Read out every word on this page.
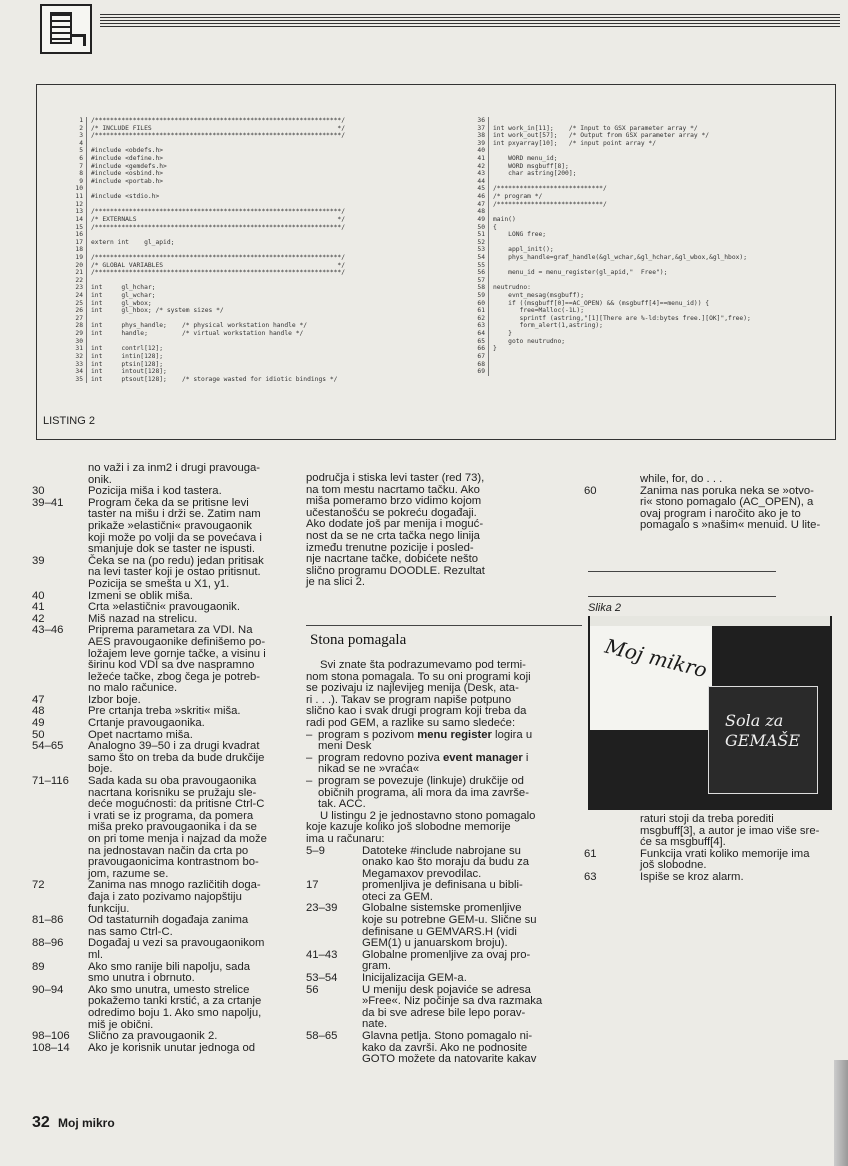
1	/*****************************************************************/
2	/* INCLUDE FILES                                                 */
3	/*****************************************************************/
4
5	#include <obdefs.h>
6	#include <define.h>
7	#include <gemdefs.h>
8	#include <osbind.h>
9	#include <portab.h>
10
11	#include <stdio.h>
12
13	/*****************************************************************/
14	/* EXTERNALS                                                     */
15	/*****************************************************************/
16
17	extern int    gl_apid;
18
19	/*****************************************************************/
20	/* GLOBAL VARIABLES                                              */
21	/*****************************************************************/
22
23	int     gl_hchar;
24	int     gl_wchar;
25	int     gl_wbox;
26	int     gl_hbox; /* system sizes */
27
28	int     phys_handle;    /* physical workstation handle */
29	int     handle;         /* virtual workstation handle */
30
31	int     contrl[12];
32	int     intin[128];
33	int     ptsin[128];
34	int     intout[128];
35	int     ptsout[128];    /* storage wasted for idiotic bindings */
36
37	int work_in[11];    /* Input to GSX parameter array */
38	int work_out[57];   /* Output from GSX parameter array */
39	int pxyarray[10];   /* input point array */
40
41	WORD menu_id;
42	WORD msgbuff[8];
43	char astring[200];
44
45	/****************************/
46	/* program */
47	/****************************/
48
49	main()
50	{
51	LONG free;
52
53	appl_init();
54	phys_handle=graf_handle(&gl_wchar,&gl_hchar,&gl_wbox,&gl_hbox);
55
56	menu_id = menu_register(gl_apid,"  Free");
57
58	neutrudno:
59	evnt_mesag(msgbuff);
60	if ((msgbuff[0]==AC_OPEN) && (msgbuff[4]==menu_id)) {
61	free=Malloc(-1L);
62	sprintf (astring,"[1][There are %-ld:bytes free.][OK]",free);
63	form_alert(1,astring);
64	}
65	goto neutrudno;
66	}
67
68
69
LISTING 2
no važi i za inm2 i drugi pravouga-
onik.
30	Pozicija miša i kod tastera.
39–41	Program čeka da se pritisne levi
taster na mišu i drži se. Zatim nam
prikaže »elastični« pravougaonik
koji može po volji da se povećava i
smanjuje dok se taster ne ispusti.
39	Čeka se na (po redu) jedan pritisak
na levi taster koji je ostao pritisnut.
Pozicija se smešta u X1, y1.
40	Izmeni se oblik miša.
41	Crta »elastični« pravougaonik.
42	Miš nazad na strelicu.
43–46	Priprema parametara za VDI. Na
AES pravougaonike definišemo po-
ložajem leve gornje tačke, a visinu i
širinu kod VDI sa dve naspramno
ležeće tačke, zbog čega je potreb-
no malo računice.
47	Izbor boje.
48	Pre crtanja treba »skriti« miša.
49	Crtanje pravougaonika.
50	Opet nacrtamo miša.
54–65	Analogno 39–50 i za drugi kvadrat
samo što on treba da bude drukčije
boje.
71–116	Sada kada su oba pravougaonika
nacrtana korisniku se pružaju sle-
deće mogućnosti: da pritisne Ctrl-C
i vrati se iz programa, da pomera
miša preko pravougaonika i da se
on pri tome menja i najzad da može
na jednostavan način da crta po
pravougaonicima kontrastnom bo-
jom, razume se.
72	Zanima nas mnogo različitih doga-
đaja i zato pozivamo najopštiju
funkciju.
81–86	Od tastaturnih događaja zanima
nas samo Ctrl-C.
88–96	Događaj u vezi sa pravougaonikom
ml.
89	Ako smo ranije bili napolju, sada
smo unutra i obrnuto.
90–94	Ako smo unutra, umesto strelice
pokažemo tanki krstić, a za crtanje
odredimo boju 1. Ako smo napolju,
miš je obični.
98–106	Slično za pravougaonik 2.
108–14	Ako je korisnik unutar jednoga od
područja i stiska levi taster (red 73),
na tom mestu nacrtamo tačku. Ako
miša pomeramo brzo vidimo kojom
učestanošću se pokreću događaji.
Ako dodate još par menija i moguć-
nost da se ne crta tačka nego linija
između trenutne pozicije i posled-
nje nacrtane tačke, dobićete nešto
slično programu DOODLE. Rezultat
je na slici 2.
Stona pomagala
Svi znate šta podrazumevamo pod termi-
nom stona pomagala. To su oni programi koji
se pozivaju iz najlevijeg menija (Desk, ata-
ri . . .). Takav se program napiše potpuno
slično kao i svak drugi program koji treba da
radi pod GEM, a razlike su samo sledeće:
– program s pozivom menu register logira u
meni Desk
– program redovno poziva event manager i
nikad se ne »vraća«
– program se povezuje (linkuje) drukčije od
običnih programa, ali mora da ima završe-
tak. ACC.
U listingu 2 je jednostavno stono pomagalo
koje kazuje koliko još slobodne memorije
ima u računaru:
5–9	Datoteke #include nabrojane su
onako kao što moraju da budu za
Megamaxov prevodilac.
17	promenljiva je definisana u bibli-
oteci za GEM.
23–39	Globalne sistemske promenljive
koje su potrebne GEM-u. Slične su
definisane u GEMVARS.H (vidi
GEM(1) u januarskom broju).
41–43	Globalne promenljive za ovaj pro-
gram.
53–54	Inicijalizacija GEM-a.
56	U meniju desk pojaviće se adresa
»Free«. Niz počinje sa dva razmaka
da bi sve adrese bile lepo porav-
nate.
58–65	Glavna petlja. Stono pomagalo ni-
kako da završi. Ako ne podnosite
GOTO možete da natovarite kakav
while, for, do . . .
60	Zanima nas poruka neka se »otvo-
ri« stono pomagalo (AC_OPEN), a
ovaj program i naročito ako je to
pomagalo s »našim« menuid. U lite-
Slika 2
Moj mikro
Sola za
GEMAŠE
raturi stoji da treba porediti
msgbuff[3], a autor je imao više sre-
će sa msgbuff[4].
61	Funkcija vrati koliko memorije ima
još slobodne.
63	Ispiše se kroz alarm.
32 Moj mikro
